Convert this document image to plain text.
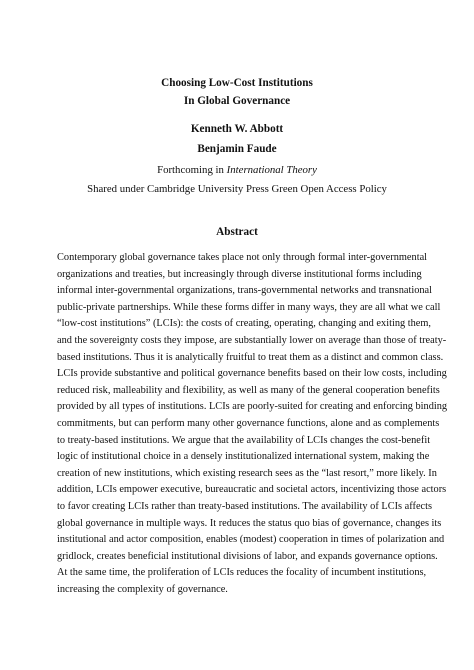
Choosing Low-Cost Institutions
In Global Governance
Kenneth W. Abbott
Benjamin Faude
Forthcoming in International Theory
Shared under Cambridge University Press Green Open Access Policy
Abstract
Contemporary global governance takes place not only through formal inter-governmental
organizations and treaties, but increasingly through diverse institutional forms including
informal inter-governmental organizations, trans-governmental networks and transnational
public-private partnerships. While these forms differ in many ways, they are all what we call
“low-cost institutions” (LCIs): the costs of creating, operating, changing and exiting them,
and the sovereignty costs they impose, are substantially lower on average than those of treaty-
based institutions. Thus it is analytically fruitful to treat them as a distinct and common class.
LCIs provide substantive and political governance benefits based on their low costs, including
reduced risk, malleability and flexibility, as well as many of the general cooperation benefits
provided by all types of institutions. LCIs are poorly-suited for creating and enforcing binding
commitments, but can perform many other governance functions, alone and as complements
to treaty-based institutions. We argue that the availability of LCIs changes the cost-benefit
logic of institutional choice in a densely institutionalized international system, making the
creation of new institutions, which existing research sees as the “last resort,” more likely. In
addition, LCIs empower executive, bureaucratic and societal actors, incentivizing those actors
to favor creating LCIs rather than treaty-based institutions. The availability of LCIs affects
global governance in multiple ways. It reduces the status quo bias of governance, changes its
institutional and actor composition, enables (modest) cooperation in times of polarization and
gridlock, creates beneficial institutional divisions of labor, and expands governance options.
At the same time, the proliferation of LCIs reduces the focality of incumbent institutions,
increasing the complexity of governance.
